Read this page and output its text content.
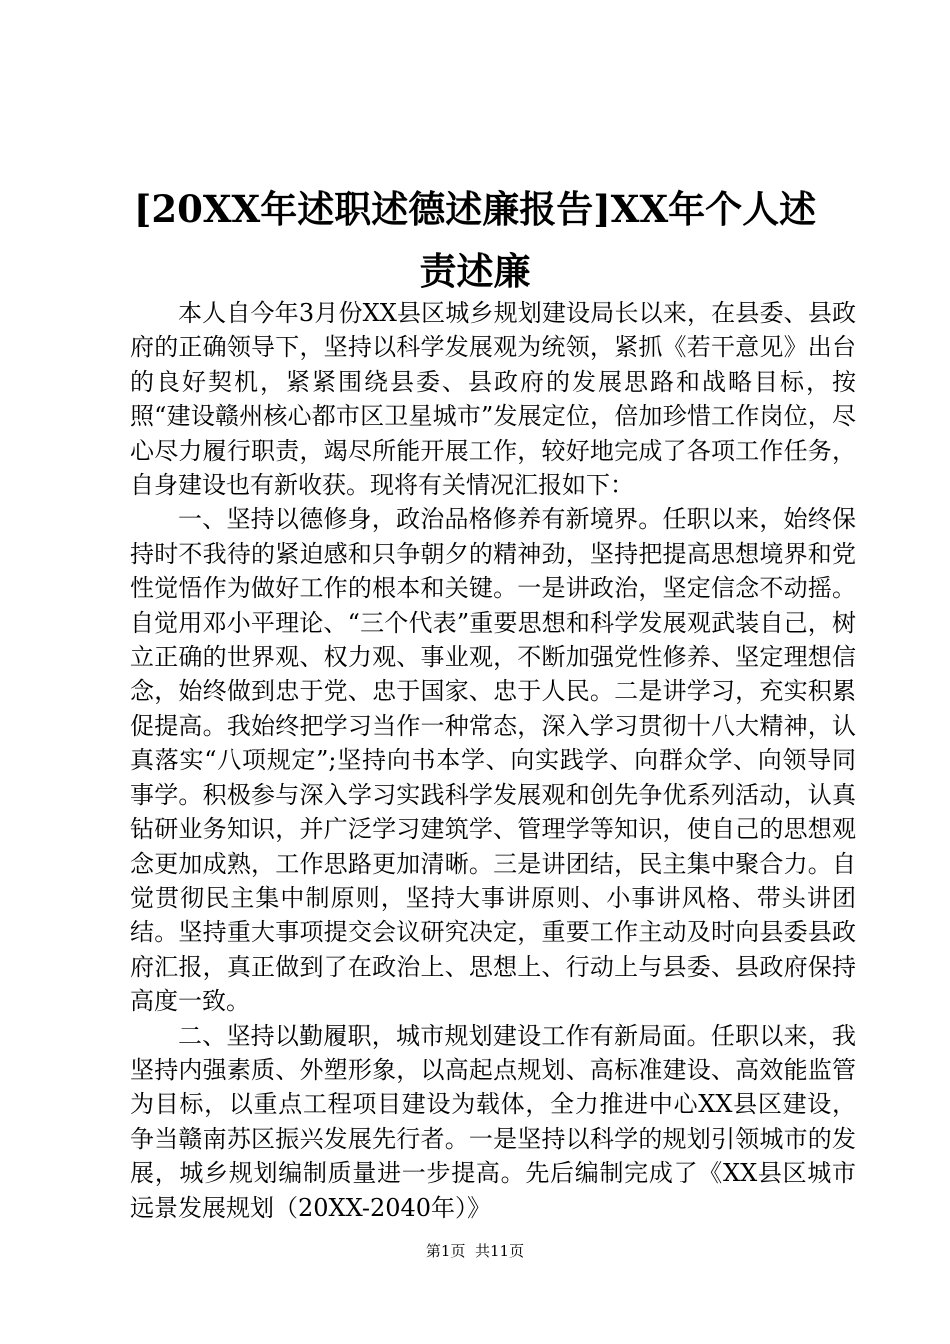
[20XX年述职述德述廉报告]XX年个人述责述廉

本人自今年3月份XX县区城乡规划建设局长以来，在县委、县政府的正确领导下，坚持以科学发展观为统领，紧抓《若干意见》出台的良好契机，紧紧围绕县委、县政府的发展思路和战略目标，按照“建设赣州核心都市区卫星城市”发展定位，倍加珍惜工作岗位，尽心尽力履行职责，竭尽所能开展工作，较好地完成了各项工作任务，自身建设也有新收获。现将有关情况汇报如下：

一、坚持以德修身，政治品格修养有新境界。任职以来，始终保持时不我待的紧迫感和只争朝夕的精神劲，坚持把提高思想境界和党性觉悟作为做好工作的根本和关键。一是讲政治，坚定信念不动摇。自觉用邓小平理论、“三个代表”重要思想和科学发展观武装自己，树立正确的世界观、权力观、事业观，不断加强党性修养、坚定理想信念，始终做到忠于党、忠于国家、忠于人民。二是讲学习，充实积累促提高。我始终把学习当作一种常态，深入学习贯彻十八大精神，认真落实“八项规定”;坚持向书本学、向实践学、向群众学、向领导同事学。积极参与深入学习实践科学发展观和创先争优系列活动，认真钻研业务知识，并广泛学习建筑学、管理学等知识，使自己的思想观念更加成熟，工作思路更加清晰。三是讲团结，民主集中聚合力。自觉贯彻民主集中制原则，坚持大事讲原则、小事讲风格、带头讲团结。坚持重大事项提交会议研究决定，重要工作主动及时向县委县政府汇报，真正做到了在政治上、思想上、行动上与县委、县政府保持高度一致。

二、坚持以勤履职，城市规划建设工作有新局面。任职以来，我坚持内强素质、外塑形象，以高起点规划、高标准建设、高效能监管为目标，以重点工程项目建设为载体，全力推进中心XX县区建设，争当赣南苏区振兴发展先行者。一是坚持以科学的规划引领城市的发展，城乡规划编制质量进一步提高。先后编制完成了《XX县区城市远景发展规划（20XX-2040年）》

第1页 共11页
